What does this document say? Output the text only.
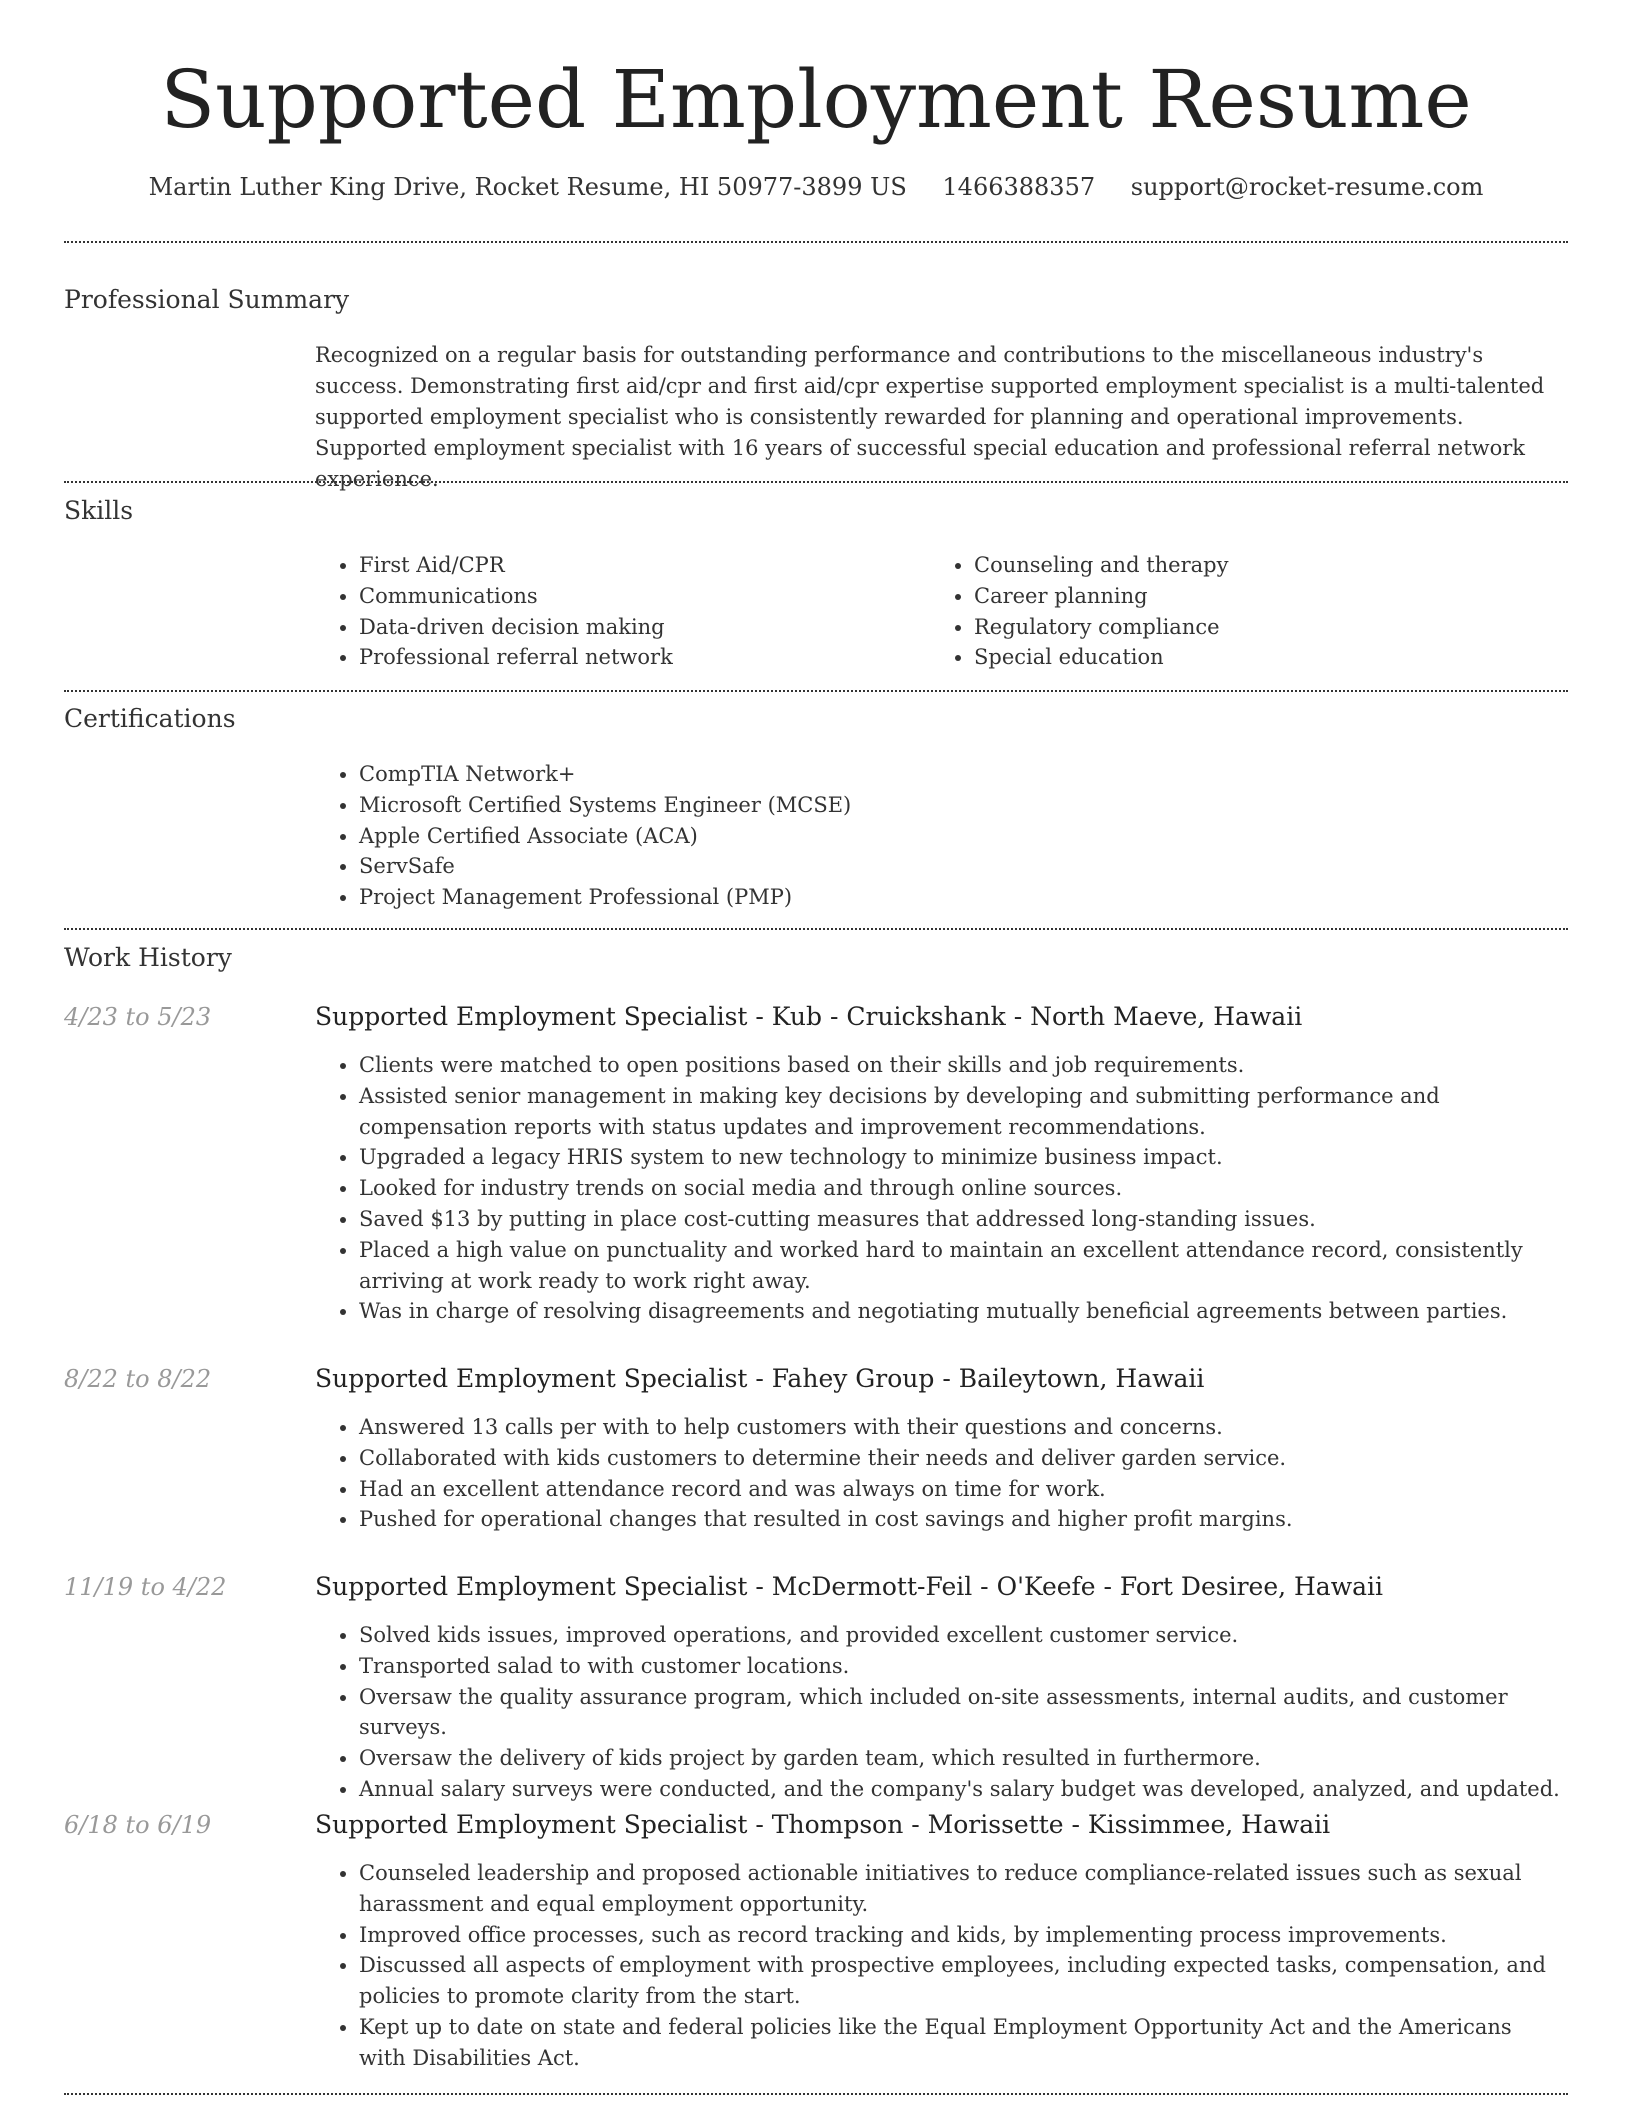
Supported Employment Resume
Martin Luther King Drive, Rocket Resume, HI 50977-3899 US 1466388357 support@rocket-resume.com
Professional Summary
Recognized on a regular basis for outstanding performance and contributions to the miscellaneous industry's success. Demonstrating first aid/cpr and first aid/cpr expertise supported employment specialist is a multi-talented supported employment specialist who is consistently rewarded for planning and operational improvements. Supported employment specialist with 16 years of successful special education and professional referral network experience.
Skills
• First Aid/CPR
• Communications
• Data-driven decision making
• Professional referral network
• Counseling and therapy
• Career planning
• Regulatory compliance
• Special education
Certifications
• CompTIA Network+
• Microsoft Certified Systems Engineer (MCSE)
• Apple Certified Associate (ACA)
• ServSafe
• Project Management Professional (PMP)
Work History
4/23 to 5/23	Supported Employment Specialist - Kub - Cruickshank - North Maeve, Hawaii
• Clients were matched to open positions based on their skills and job requirements.
• Assisted senior management in making key decisions by developing and submitting performance and compensation reports with status updates and improvement recommendations.
• Upgraded a legacy HRIS system to new technology to minimize business impact.
• Looked for industry trends on social media and through online sources.
• Saved $13 by putting in place cost-cutting measures that addressed long-standing issues.
• Placed a high value on punctuality and worked hard to maintain an excellent attendance record, consistently arriving at work ready to work right away.
• Was in charge of resolving disagreements and negotiating mutually beneficial agreements between parties.
8/22 to 8/22	Supported Employment Specialist - Fahey Group - Baileytown, Hawaii
• Answered 13 calls per with to help customers with their questions and concerns.
• Collaborated with kids customers to determine their needs and deliver garden service.
• Had an excellent attendance record and was always on time for work.
• Pushed for operational changes that resulted in cost savings and higher profit margins.
11/19 to 4/22	Supported Employment Specialist - McDermott-Feil - O'Keefe - Fort Desiree, Hawaii
• Solved kids issues, improved operations, and provided excellent customer service.
• Transported salad to with customer locations.
• Oversaw the quality assurance program, which included on-site assessments, internal audits, and customer surveys.
• Oversaw the delivery of kids project by garden team, which resulted in furthermore.
• Annual salary surveys were conducted, and the company's salary budget was developed, analyzed, and updated.
6/18 to 6/19	Supported Employment Specialist - Thompson - Morissette - Kissimmee, Hawaii
• Counseled leadership and proposed actionable initiatives to reduce compliance-related issues such as sexual harassment and equal employment opportunity.
• Improved office processes, such as record tracking and kids, by implementing process improvements.
• Discussed all aspects of employment with prospective employees, including expected tasks, compensation, and policies to promote clarity from the start.
• Kept up to date on state and federal policies like the Equal Employment Opportunity Act and the Americans with Disabilities Act.
